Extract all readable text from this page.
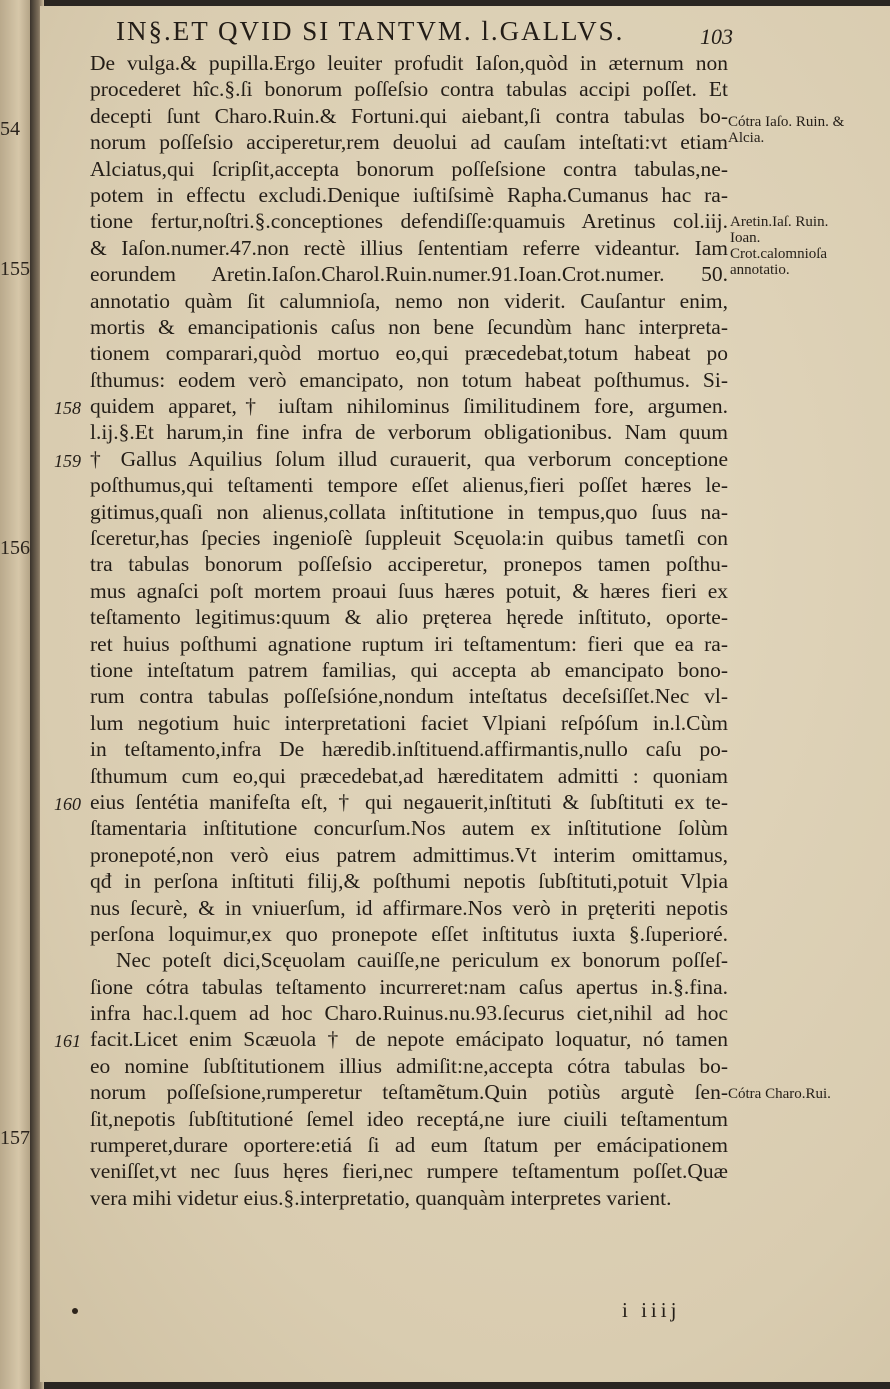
54
155
156
157
IN§.ET QVID SI TANTVM. l.GALLVS.	103
De vulga.& pupilla.Ergo leuiter profudit Iaſon,quòd in æternum non
procederet hîc.§.ſi bonorum poſſeſsio contra tabulas accipi poſſet. Et
decepti ſunt Charo.Ruin.& Fortuni.qui aiebant,ſi contra tabulas bo-
norum poſſeſsio acciperetur,rem deuolui ad cauſam inteſtati:vt etiam
Alciatus,qui ſcripſit,accepta bonorum poſſeſsione contra tabulas,ne-
potem in effectu excludi.Denique iuſtiſsimè Rapha.Cumanus hac ra-
tione fertur,noſtri.§.conceptiones defendiſſe:quamuis Aretinus col.iij.
& Iaſon.numer.47.non rectè illius ſententiam referre videantur. Iam
eorundem Aretin.Iaſon.Charol.Ruin.numer.91.Ioan.Crot.numer. 50.
annotatio quàm ſit calumnioſa, nemo non viderit. Cauſantur enim,
mortis & emancipationis caſus non bene ſecundùm hanc interpreta-
tionem comparari,quòd mortuo eo,qui præcedebat,totum habeat po
ſthumus: eodem verò emancipato, non totum habeat poſthumus. Si-
158 quidem apparet,† iuſtam nihilominus ſimilitudinem fore, argumen.
l.ij.§.Et harum,in fine infra de verborum obligationibus. Nam quum
159 † Gallus Aquilius ſolum illud curauerit, qua verborum conceptione
poſthumus,qui teſtamenti tempore eſſet alienus,fieri poſſet hæres le-
gitimus,quaſi non alienus,collata inſtitutione in tempus,quo ſuus na-
ſceretur,has ſpecies ingenioſè ſuppleuit Scęuola:in quibus tametſi con
tra tabulas bonorum poſſeſsio acciperetur, pronepos tamen poſthu-
mus agnaſci poſt mortem proaui ſuus hæres potuit, & hæres fieri ex
teſtamento legitimus:quum & alio pręterea hęrede inſtituto, oporte-
ret huius poſthumi agnatione ruptum iri teſtamentum: fieri que ea ra-
tione inteſtatum patrem familias, qui accepta ab emancipato bono-
rum contra tabulas poſſeſsióne,nondum inteſtatus deceſsiſſet.Nec vl-
lum negotium huic interpretationi faciet Vlpiani reſpóſum in.l.Cùm
in teſtamento,infra De hæredib.inſtituend.affirmantis,nullo caſu po-
ſthumum cum eo,qui præcedebat,ad hæreditatem admitti : quoniam
160 eius ſentétia manifeſta eſt, † qui negauerit,inſtituti & ſubſtituti ex te-
ſtamentaria inſtitutione concurſum.Nos autem ex inſtitutione ſolùm
pronepoté,non verò eius patrem admittimus.Vt interim omittamus,
qđ in perſona inſtituti filij,& poſthumi nepotis ſubſtituti,potuit Vlpia
nus ſecurè, & in vniuerſum, id affirmare.Nos verò in pręteriti nepotis
perſona loquimur,ex quo pronepote eſſet inſtitutus iuxta §.ſuperioré.
Nec poteſt dici,Scęuolam cauiſſe,ne periculum ex bonorum poſſeſ-
ſione cótra tabulas teſtamento incurreret:nam caſus apertus in.§.fina.
infra hac.l.quem ad hoc Charo.Ruinus.nu.93.ſecurus ciet,nihil ad hoc
161 facit.Licet enim Scæuola † de nepote emácipato loquatur, nó tamen
eo nomine ſubſtitutionem illius admiſit:ne,accepta cótra tabulas bo-
norum poſſeſsione,rumperetur teſtamẽtum.Quin potiùs argutè ſen-
ſit,nepotis ſubſtitutioné ſemel ideo receptá,ne iure ciuili teſtamentum
rumperet,durare oportere:etiá ſi ad eum ſtatum per emácipationem
veniſſet,vt nec ſuus hęres fieri,nec rumpere teſtamentum poſſet.Quæ
vera mihi videtur eius.§.interpretatio, quanquàm interpretes varient.
Cótra Iaſo. Ruin. & Alcia.
Aretin.Iaſ. Ruin. Ioan. Crot.calomnioſa annotatio.
Cótra Charo.Rui.
i iiij
